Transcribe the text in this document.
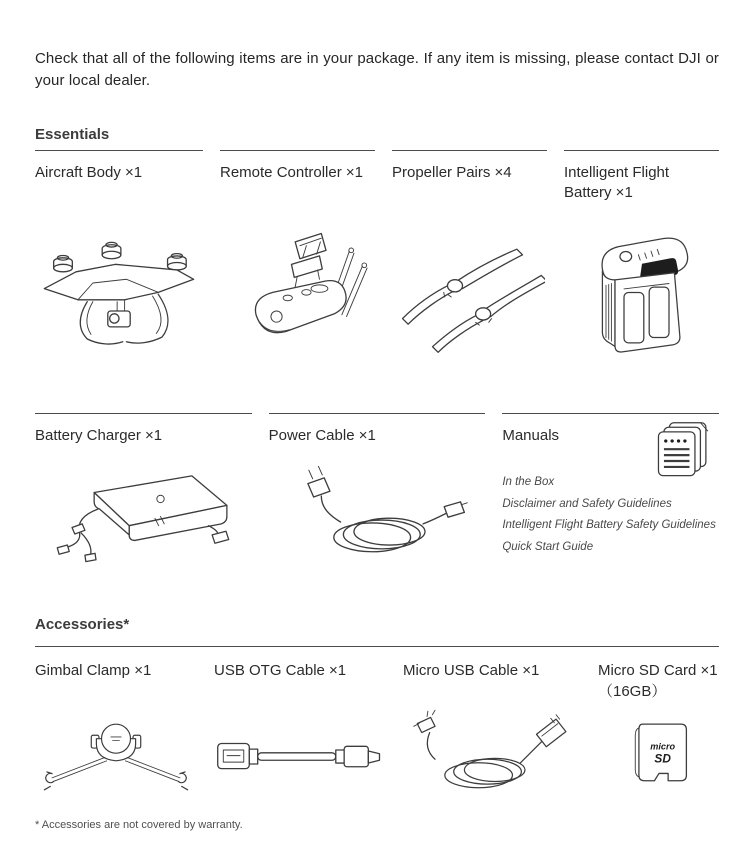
Check that all of the following items are in your package. If any item is missing, please contact DJI or your local dealer.

Essentials
Aircraft Body ×1	Remote Controller ×1	Propeller Pairs ×4	Intelligent Flight Battery ×1
Battery Charger ×1	Power Cable ×1	Manuals
In the Box
Disclaimer and Safety Guidelines
Intelligent Flight Battery Safety Guidelines
Quick Start Guide
Accessories*
Gimbal Clamp ×1	USB OTG Cable ×1	Micro USB Cable ×1	Micro SD Card ×1
（16GB）
micro
SD
* Accessories are not covered by warranty.
